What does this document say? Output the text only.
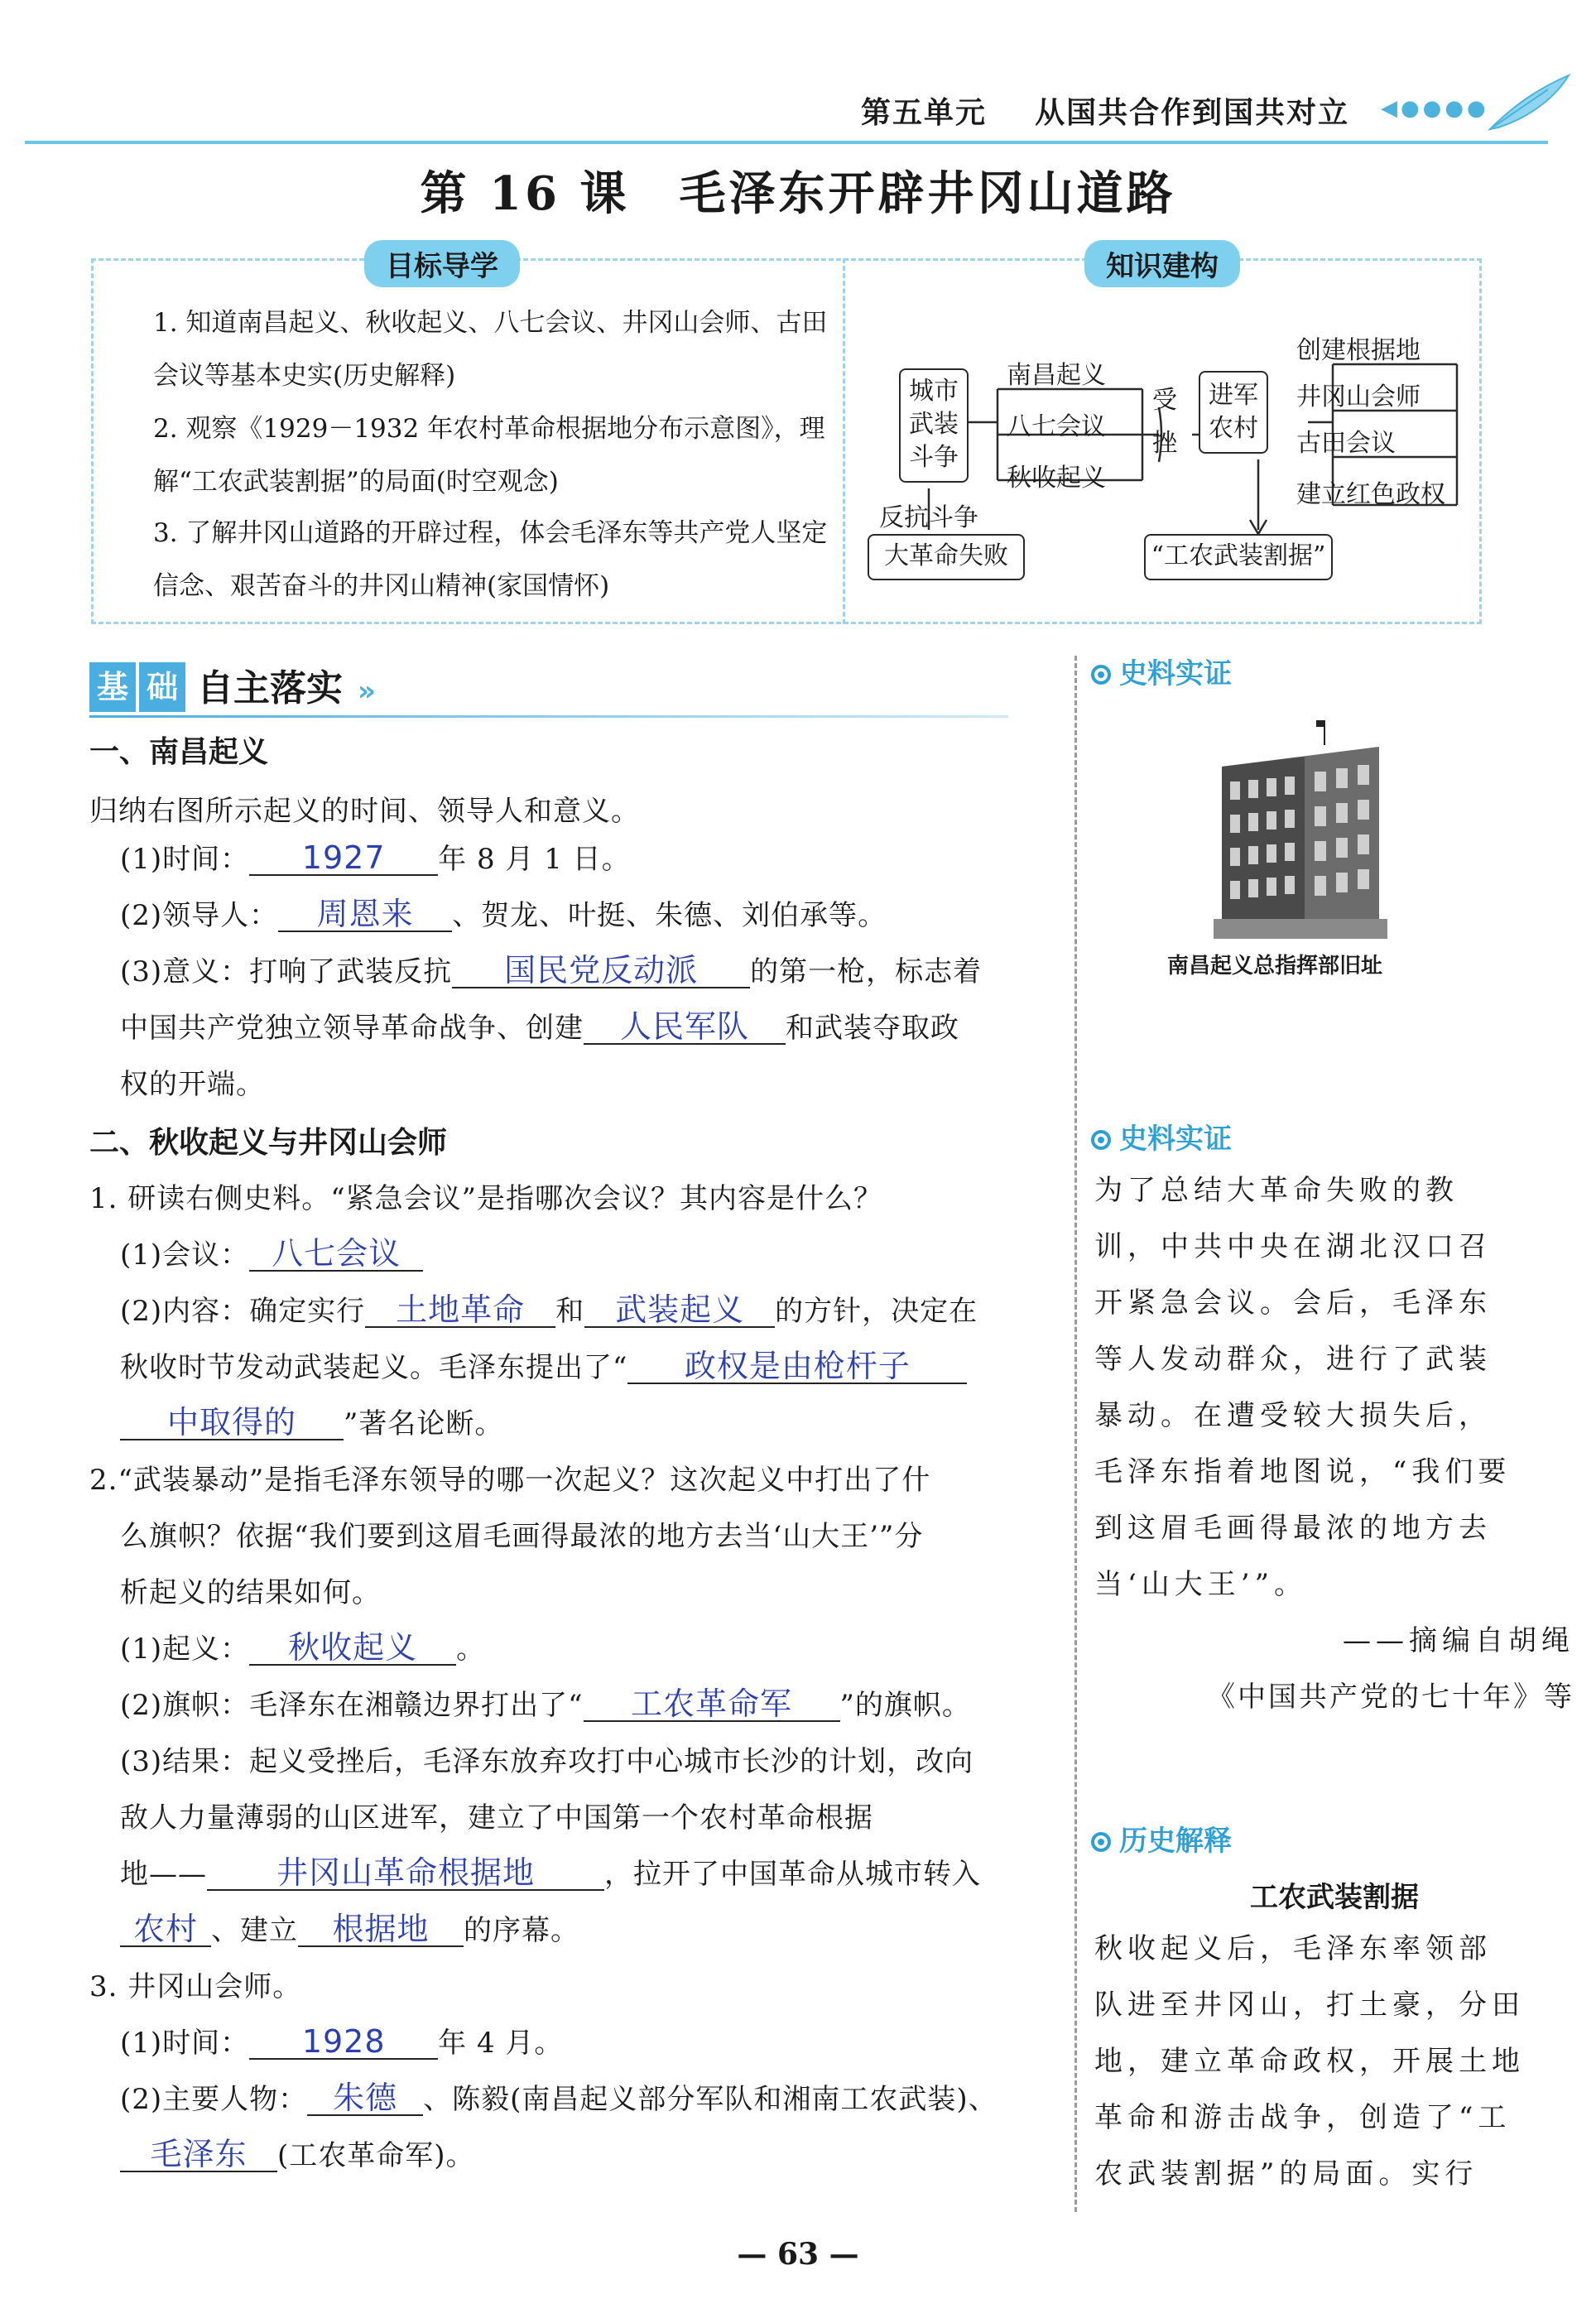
第五单元 从国共合作到国共对立 ◀●●●●
第 16 课　毛泽东开辟井冈山道路
目标导学	知识建构
1. 知道南昌起义、秋收起义、八七会议、井冈山会师、古田会议等基本史实(历史解释)
2. 观察《1929－1932 年农村革命根据地分布示意图》，理解“工农武装割据”的局面(时空观念)
3. 了解井冈山道路的开辟过程，体会毛泽东等共产党人坚定信念、艰苦奋斗的井冈山精神(家国情怀)
城市武装斗争
南昌起义
八七会议
秋收起义
受挫
进军农村
创建根据地
井冈山会师
古田会议
建立红色政权
反抗斗争
大革命失败	“工农武装割据”
基 础 自主落实 »
一、南昌起义
归纳右图所示起义的时间、领导人和意义。
(1)时间： 1927 年 8 月 1 日。
(2)领导人： 周恩来 、贺龙、叶挺、朱德、刘伯承等。
(3)意义：打响了武装反抗 国民党反动派 的第一枪，标志着
中国共产党独立领导革命战争、创建 人民军队 和武装夺取政
权的开端。
二、秋收起义与井冈山会师
1. 研读右侧史料。“紧急会议”是指哪次会议？其内容是什么？
(1)会议： 八七会议
(2)内容：确定实行 土地革命 和 武装起义 的方针，决定在
秋收时节发动武装起义。毛泽东提出了“ 政权是由枪杆子
中取得的 ”著名论断。
2.“武装暴动”是指毛泽东领导的哪一次起义？这次起义中打出了什
么旗帜？依据“我们要到这眉毛画得最浓的地方去当‘山大王’”分
析起义的结果如何。
(1)起义： 秋收起义 。
(2)旗帜：毛泽东在湘赣边界打出了“ 工农革命军 ”的旗帜。
(3)结果：起义受挫后，毛泽东放弃攻打中心城市长沙的计划，改向
敌人力量薄弱的山区进军，建立了中国第一个农村革命根据
地—— 井冈山革命根据地 ，拉开了中国革命从城市转入
农村 、建立 根据地 的序幕。
3. 井冈山会师。
(1)时间： 1928 年 4 月。
(2)主要人物： 朱德 、陈毅(南昌起义部分军队和湘南工农武装)、
毛泽东 (工农革命军)。
史料实证
南昌起义总指挥部旧址
史料实证
为了总结大革命失败的教
训，中共中央在湖北汉口召
开紧急会议。会后，毛泽东
等人发动群众，进行了武装
暴动。在遭受较大损失后，
毛泽东指着地图说，“我们要
到这眉毛画得最浓的地方去
当‘山大王’”。
——摘编自胡绳
《中国共产党的七十年》等
历史解释
工农武装割据
秋收起义后，毛泽东率领部
队进至井冈山，打土豪，分田
地，建立革命政权，开展土地
革命和游击战争，创造了“工
农武装割据”的局面。实行
— 63 —
